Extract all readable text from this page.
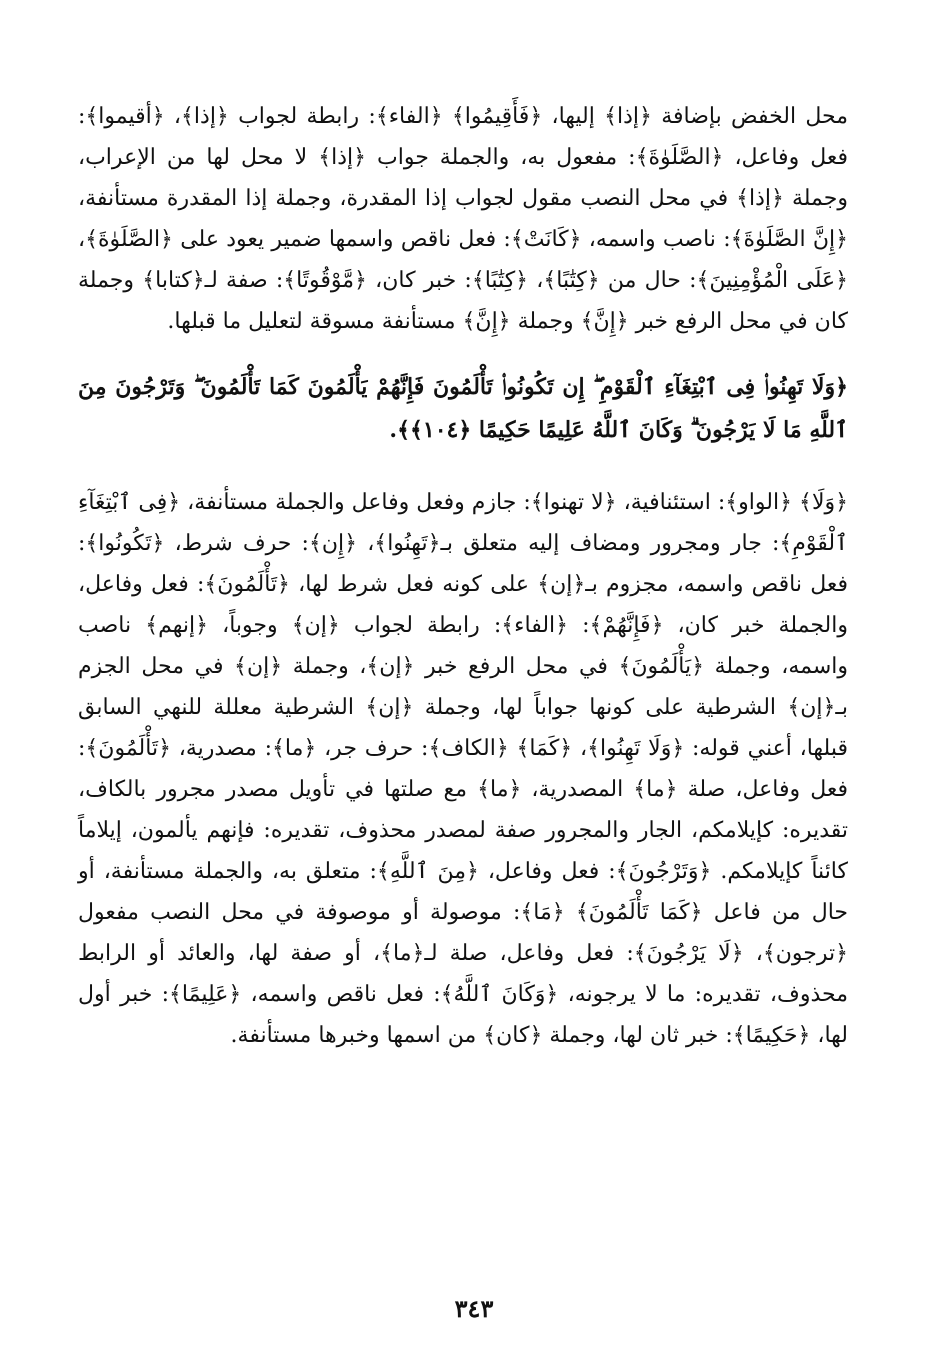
محل الخفض بإضافة ﴿إذا﴾ إليها، ﴿فَأَقِيمُوا﴾ ﴿الفاء﴾: رابطة لجواب ﴿إذا﴾، ﴿أقيموا﴾: فعل وفاعل، ﴿الصَّلَوٰةَ﴾: مفعول به، والجملة جواب ﴿إذا﴾ لا محل لها من الإعراب، وجملة ﴿إذا﴾ في محل النصب مقول لجواب إذا المقدرة، وجملة إذا المقدرة مستأنفة، ﴿إِنَّ الصَّلَوٰةَ﴾: ناصب واسمه، ﴿كَانَتْ﴾: فعل ناقص واسمها ضمير يعود على ﴿الصَّلَوٰةَ﴾، ﴿عَلَى الْمُؤْمِنِينَ﴾: حال من ﴿كِتَٰبًا﴾، ﴿كِتَٰبًا﴾: خبر كان، ﴿مَّوْقُوتًا﴾: صفة لـ﴿كتابا﴾ وجملة كان في محل الرفع خبر ﴿إِنَّ﴾ وجملة ﴿إِنَّ﴾ مستأنفة مسوقة لتعليل ما قبلها.

﴿وَلَا تَهِنُوا۟ فِى ٱبْتِغَآءِ ٱلْقَوْمِ ۖ إِن تَكُونُوا۟ تَأْلَمُونَ فَإِنَّهُمْ يَأْلَمُونَ كَمَا تَأْلَمُونَ ۖ وَتَرْجُونَ مِنَ ٱللَّهِ مَا لَا يَرْجُونَ ۗ وَكَانَ ٱللَّهُ عَلِيمًا حَكِيمًا ﴿١٠٤﴾﴾.

﴿وَلَا﴾ ﴿الواو﴾: استئنافية، ﴿لا تهنوا﴾: جازم وفعل وفاعل والجملة مستأنفة، ﴿فِى ٱبْتِغَآءِ ٱلْقَوْمِ﴾: جار ومجرور ومضاف إليه متعلق بـ﴿تَهِنُوا﴾، ﴿إِن﴾: حرف شرط، ﴿تَكُونُوا﴾: فعل ناقص واسمه، مجزوم بـ﴿إن﴾ على كونه فعل شرط لها، ﴿تَأْلَمُونَ﴾: فعل وفاعل، والجملة خبر كان، ﴿فَإِنَّهُمْ﴾: ﴿الفاء﴾: رابطة لجواب ﴿إن﴾ وجوباً، ﴿إنهم﴾ ناصب واسمه، وجملة ﴿يَأْلَمُونَ﴾ في محل الرفع خبر ﴿إن﴾، وجملة ﴿إن﴾ في محل الجزم بـ﴿إن﴾ الشرطية على كونها جواباً لها، وجملة ﴿إن﴾ الشرطية معللة للنهي السابق قبلها، أعني قوله: ﴿وَلَا تَهِنُوا﴾، ﴿كَمَا﴾ ﴿الكاف﴾: حرف جر، ﴿ما﴾: مصدرية، ﴿تَأْلَمُونَ﴾: فعل وفاعل، صلة ﴿ما﴾ المصدرية، ﴿ما﴾ مع صلتها في تأويل مصدر مجرور بالكاف، تقديره: كإيلامكم، الجار والمجرور صفة لمصدر محذوف، تقديره: فإنهم يألمون، إيلاماً كائناً كإيلامكم. ﴿وَتَرْجُونَ﴾: فعل وفاعل، ﴿مِنَ ٱللَّهِ﴾: متعلق به، والجملة مستأنفة، أو حال من فاعل ﴿كَمَا تَأْلَمُونَ﴾ ﴿مَا﴾: موصولة أو موصوفة في محل النصب مفعول ﴿ترجون﴾، ﴿لَا يَرْجُونَ﴾: فعل وفاعل، صلة لـ﴿ما﴾، أو صفة لها، والعائد أو الرابط محذوف، تقديره: ما لا يرجونه، ﴿وَكَانَ ٱللَّهُ﴾: فعل ناقص واسمه، ﴿عَلِيمًا﴾: خبر أول لها، ﴿حَكِيمًا﴾: خبر ثان لها، وجملة ﴿كان﴾ من اسمها وخبرها مستأنفة.

٣٤٣
